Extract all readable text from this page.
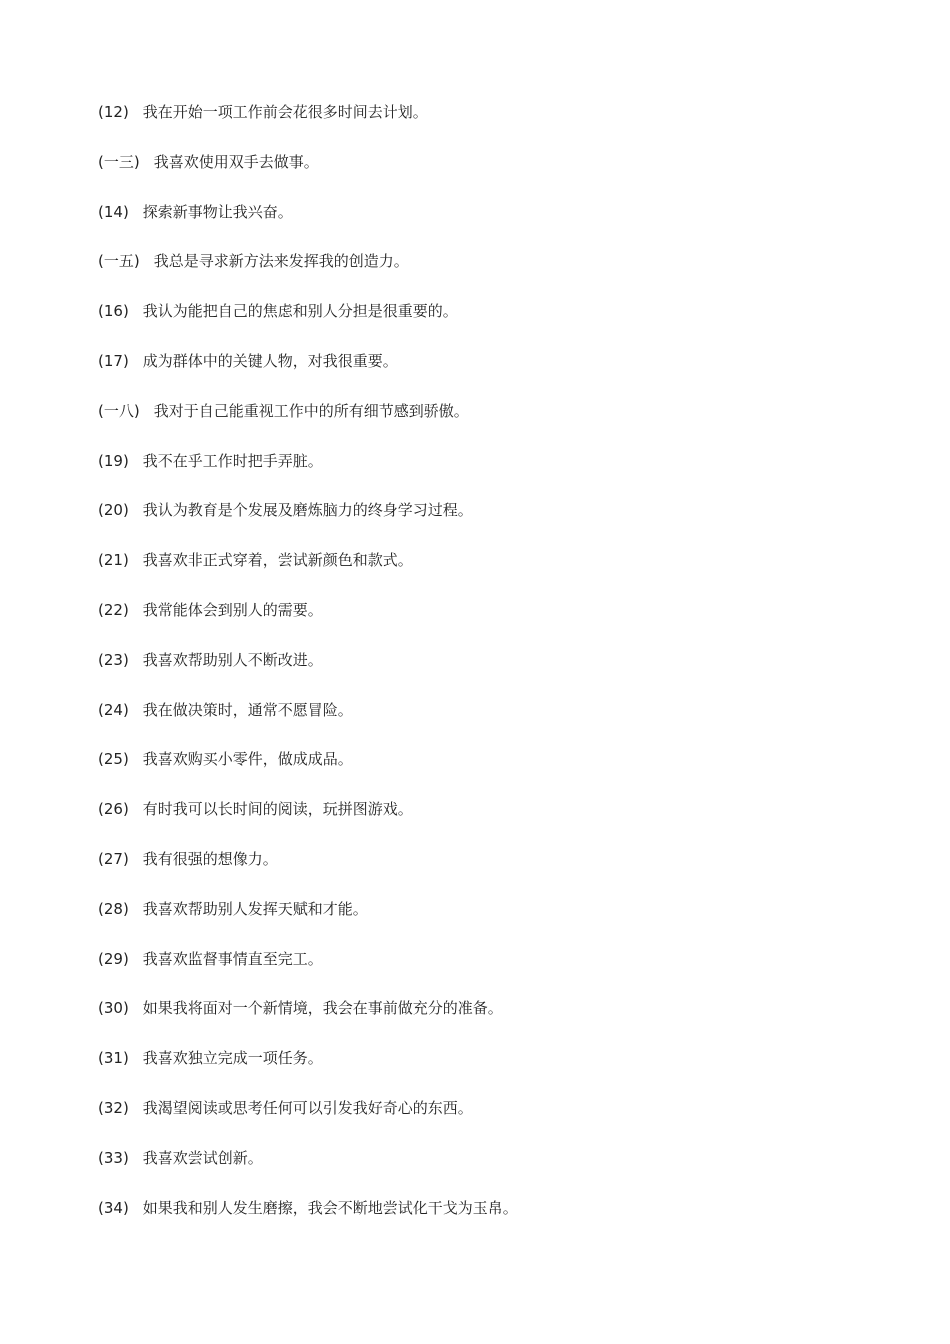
(12) 我在开始一项工作前会花很多时间去计划。
(一三) 我喜欢使用双手去做事。
(14) 探索新事物让我兴奋。
(一五) 我总是寻求新方法来发挥我的创造力。
(16) 我认为能把自己的焦虑和别人分担是很重要的。
(17) 成为群体中的关键人物，对我很重要。
(一八) 我对于自己能重视工作中的所有细节感到骄傲。
(19) 我不在乎工作时把手弄脏。
(20) 我认为教育是个发展及磨炼脑力的终身学习过程。
(21) 我喜欢非正式穿着，尝试新颜色和款式。
(22) 我常能体会到别人的需要。
(23) 我喜欢帮助别人不断改进。
(24) 我在做决策时，通常不愿冒险。
(25) 我喜欢购买小零件，做成成品。
(26) 有时我可以长时间的阅读，玩拼图游戏。
(27) 我有很强的想像力。
(28) 我喜欢帮助别人发挥天赋和才能。
(29) 我喜欢监督事情直至完工。
(30) 如果我将面对一个新情境，我会在事前做充分的准备。
(31) 我喜欢独立完成一项任务。
(32) 我渴望阅读或思考任何可以引发我好奇心的东西。
(33) 我喜欢尝试创新。
(34) 如果我和别人发生磨擦，我会不断地尝试化干戈为玉帛。
